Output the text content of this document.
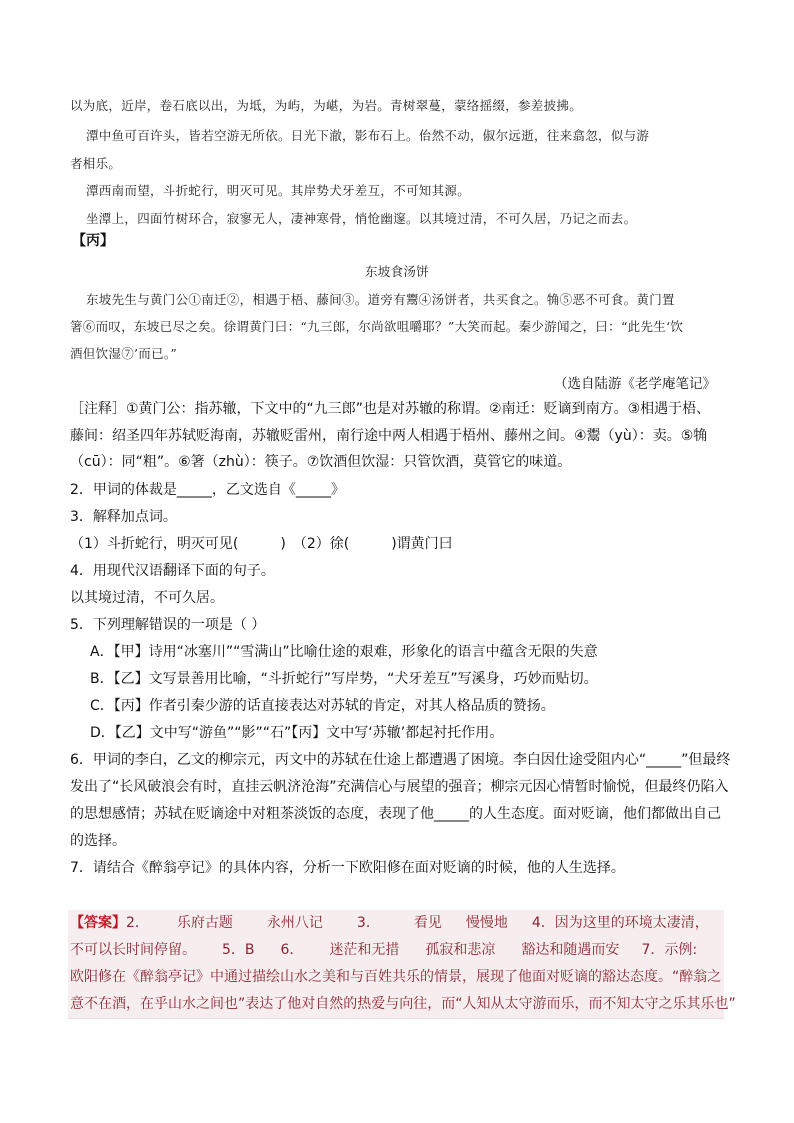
以为底，近岸，卷石底以出，为坻，为屿，为嵁，为岩。青树翠蔓，蒙络摇缀，参差披拂。
潭中鱼可百许头，皆若空游无所依。日光下澈，影布石上。佁然不动，俶尔远逝，往来翕忽，似与游
者相乐。
潭西南而望，斗折蛇行，明灭可见。其岸势犬牙差互，不可知其源。
坐潭上，四面竹树环合，寂寥无人，凄神寒骨，悄怆幽邃。以其境过清，不可久居，乃记之而去。
【丙】
东坡食汤饼
东坡先生与黄门公①南迁②，相遇于梧、藤间③。道旁有鬻④汤饼者，共买食之。觕⑤恶不可食。黄门置
箸⑥而叹，东坡已尽之矣。徐谓黄门曰：“九三郎，尔尚欲咀嚼耶？”大笑而起。秦少游闻之，曰：“此先生‘饮
酒但饮湿⑦’而已。”
（选自陆游《老学庵笔记》
［注释］①黄门公：指苏辙，下文中的“九三郎”也是对苏辙的称谓。②南迁：贬谪到南方。③相遇于梧、
藤间：绍圣四年苏轼贬海南，苏辙贬雷州，南行途中两人相遇于梧州、藤州之间。④鬻（yù）：卖。⑤觕
（cū）：同“粗”。⑥箸（zhù）：筷子。⑦饮酒但饮湿：只管饮酒，莫管它的味道。
2．甲词的体裁是_____，乙文选自《_____》
3．解释加点词。
（1）斗折蛇行，明灭可见(　　　)　（2）徐(　　　)谓黄门曰
4．用现代汉语翻译下面的句子。
以其境过清，不可久居。
5．下列理解错误的一项是（ ）
A．【甲】诗用“冰塞川”“雪满山”比喻仕途的艰难，形象化的语言中蕴含无限的失意
B．【乙】文写景善用比喻，“斗折蛇行”写岸势，“犬牙差互”写溪身，巧妙而贴切。
C．【丙】作者引秦少游的话直接表达对苏轼的肯定，对其人格品质的赞扬。
D．【乙】文中写“游鱼”“影”“石”【丙】文中写‘苏辙’都起衬托作用。
6．甲词的李白，乙文的柳宗元，丙文中的苏轼在仕途上都遭遇了困境。李白因仕途受阻内心“_____”但最终
发出了“长风破浪会有时，直挂云帆济沧海”充满信心与展望的强音；柳宗元因心情暂时愉悦，但最终仍陷入
的思想感情；苏轼在贬谪途中对粗茶淡饭的态度，表现了他_____的人生态度。面对贬谪，他们都做出自己
的选择。
7．请结合《醉翁亭记》的具体内容，分析一下欧阳修在面对贬谪的时候，他的人生选择。
【答案】2． 乐府古题 永州八记 3． 看见 慢慢地 4．因为这里的环境太凄清，
不可以长时间停留。 5．B 6． 迷茫和无措 孤寂和悲凉 豁达和随遇而安 7．示例:
欧阳修在《醉翁亭记》中通过描绘山水之美和与百姓共乐的情景，展现了他面对贬谪的豁达态度。“醉翁之
意不在酒，在乎山水之间也”表达了他对自然的热爱与向往，而“人知从太守游而乐，而不知太守之乐其乐也”
